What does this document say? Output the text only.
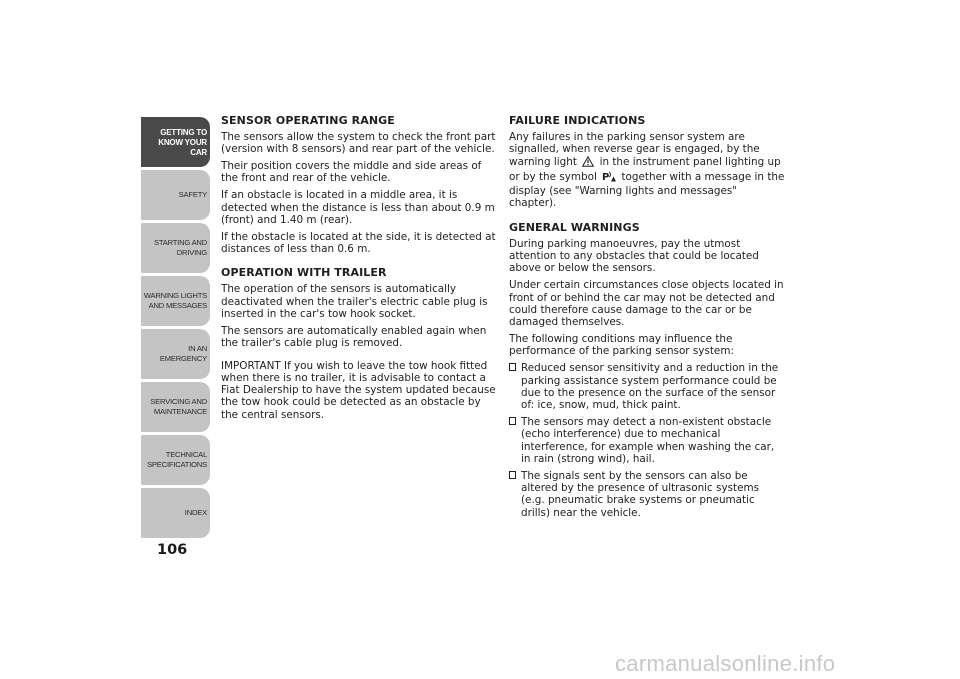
GETTING TO
KNOW YOUR CAR
SAFETY
STARTING AND
DRIVING
WARNING LIGHTS
AND MESSAGES
IN AN EMERGENCY
SERVICING AND
MAINTENANCE
TECHNICAL
SPECIFICATIONS
INDEX
106
SENSOR OPERATING RANGE

The sensors allow the system to check the front part (version with 8 sensors) and rear part of the vehicle.

Their position covers the middle and side areas of the front and rear of the vehicle.

If an obstacle is located in a middle area, it is detected when the distance is less than about 0.9 m (front) and 1.40 m (rear).

If the obstacle is located at the side, it is detected at distances of less than 0.6 m.

OPERATION WITH TRAILER

The operation of the sensors is automatically deactivated when the trailer's electric cable plug is inserted in the car's tow hook socket.

The sensors are automatically enabled again when the trailer's cable plug is removed.

IMPORTANT If you wish to leave the tow hook fitted when there is no trailer, it is advisable to contact a Fiat Dealership to have the system updated because the tow hook could be detected as an obstacle by the central sensors.

FAILURE INDICATIONS

Any failures in the parking sensor system are signalled, when reverse gear is engaged, by the warning light in the instrument panel lighting up or by the symbol P together with a message in the display (see "Warning lights and messages" chapter).

GENERAL WARNINGS

During parking manoeuvres, pay the utmost attention to any obstacles that could be located above or below the sensors.

Under certain circumstances close objects located in front of or behind the car may not be detected and could therefore cause damage to the car or be damaged themselves.

The following conditions may influence the performance of the parking sensor system:

Reduced sensor sensitivity and a reduction in the parking assistance system performance could be due to the presence on the surface of the sensor of: ice, snow, mud, thick paint.
The sensors may detect a non-existent obstacle (echo interference) due to mechanical interference, for example when washing the car, in rain (strong wind), hail.
The signals sent by the sensors can also be altered by the presence of ultrasonic systems (e.g. pneumatic brake systems or pneumatic drills) near the vehicle.
carmanualsonline.info
